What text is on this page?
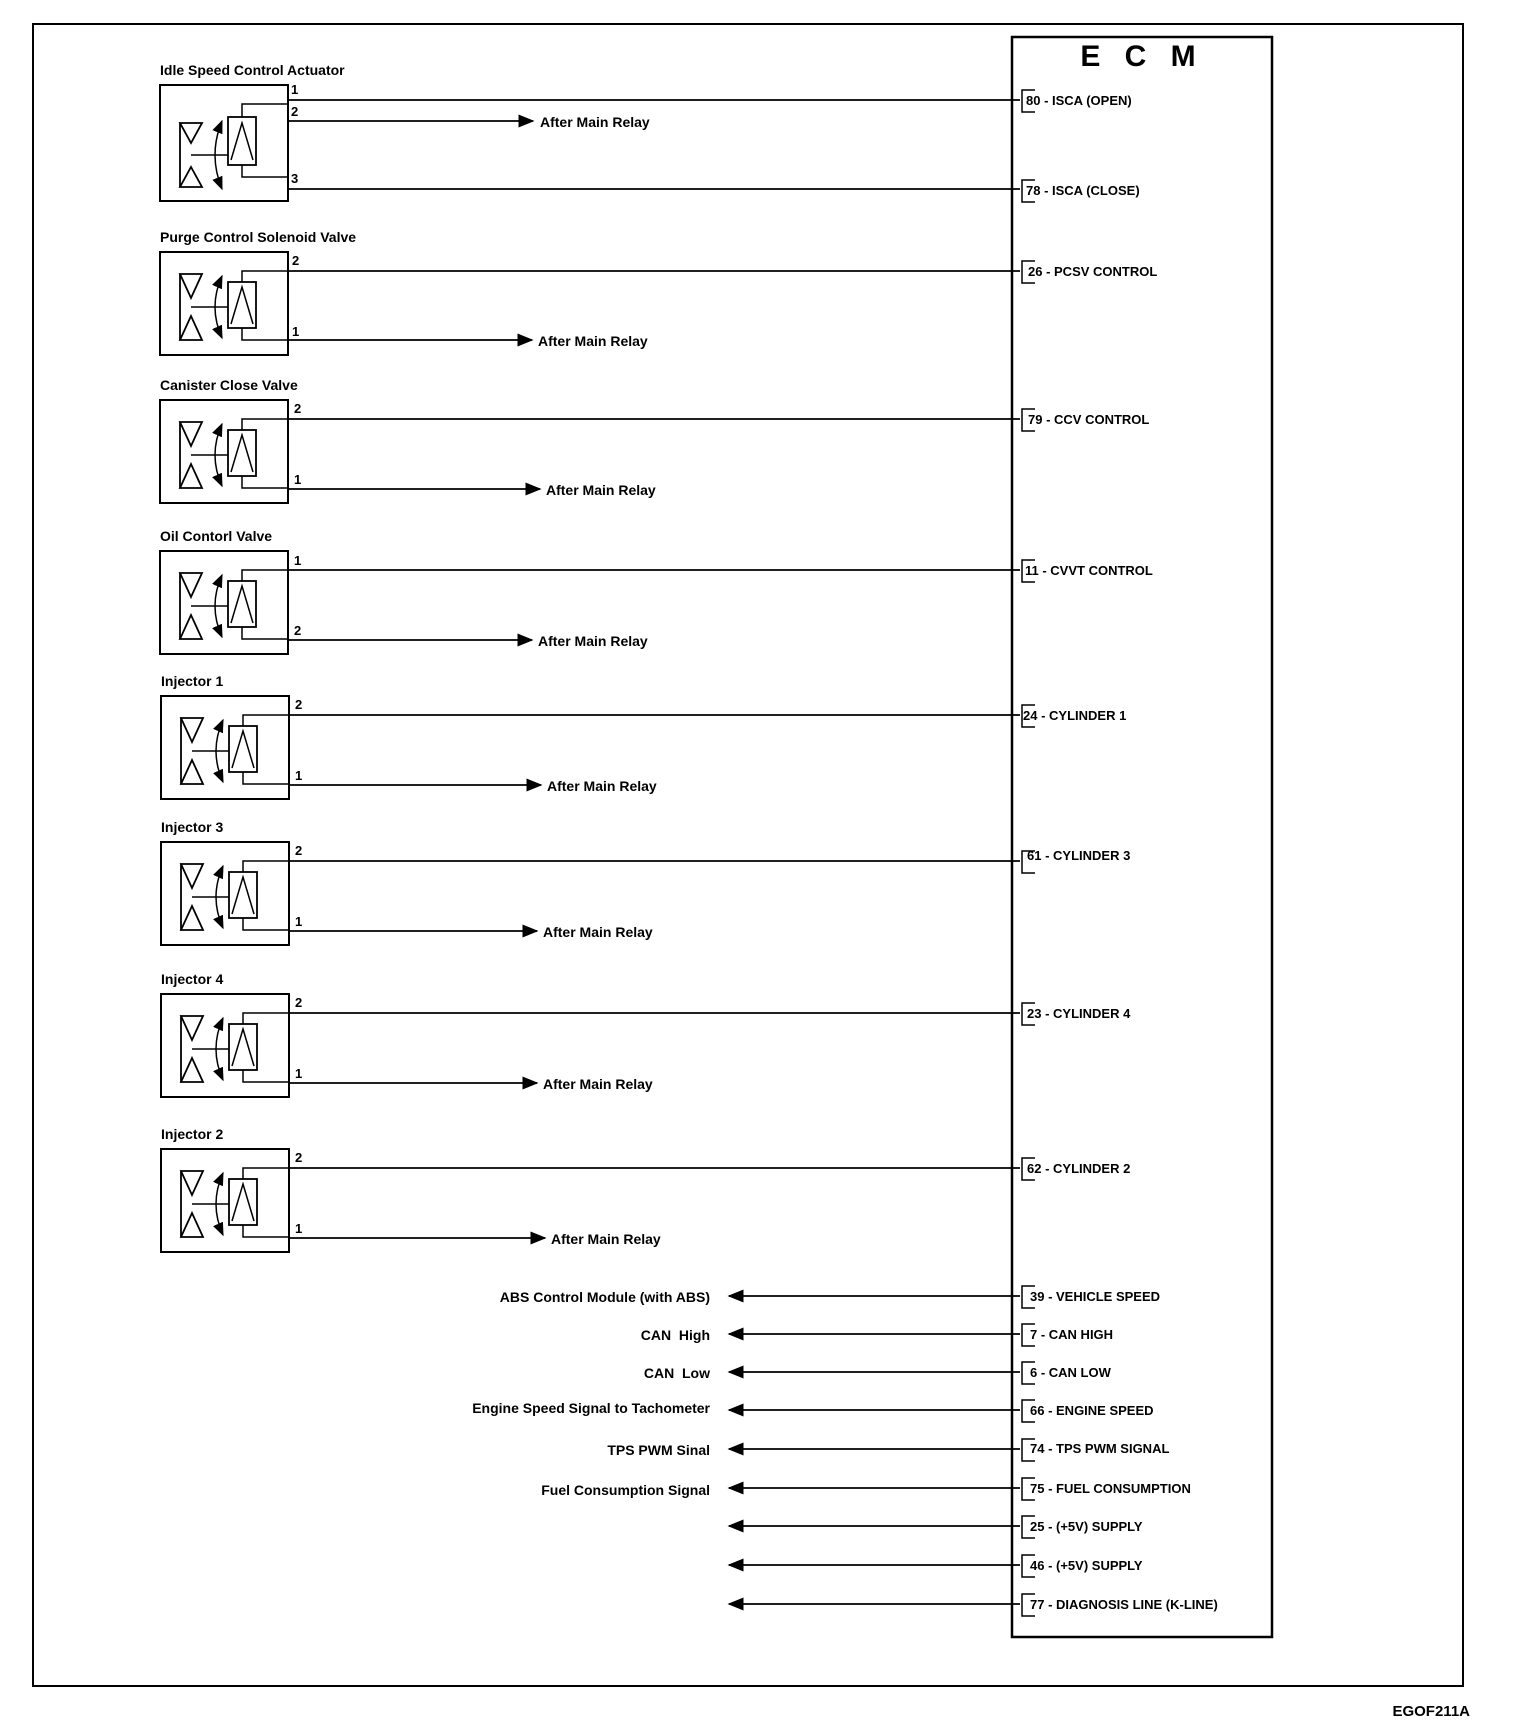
E C M
Idle Speed Control Actuator
1
2
3
After Main Relay
80 - ISCA (OPEN)
78 - ISCA (CLOSE)
Purge Control Solenoid Valve
2
1
After Main Relay
26 - PCSV CONTROL
Canister Close Valve
2
1
After Main Relay
79 - CCV CONTROL
Oil Contorl Valve
1
2
After Main Relay
11 - CVVT CONTROL
Injector 1
2
1
After Main Relay
24 - CYLINDER 1
Injector 3
2
1
After Main Relay
61 - CYLINDER 3
Injector 4
2
1
After Main Relay
23 - CYLINDER 4
Injector 2
2
1
After Main Relay
62 - CYLINDER 2
39 - VEHICLE SPEED
ABS Control Module (with ABS)
7 - CAN HIGH
CAN  High
6 - CAN LOW
CAN  Low
66 - ENGINE SPEED
Engine Speed Signal to Tachometer
74 - TPS PWM SIGNAL
TPS PWM Sinal
75 - FUEL CONSUMPTION
Fuel Consumption Signal
25 - (+5V) SUPPLY
46 - (+5V) SUPPLY
77 - DIAGNOSIS LINE (K-LINE)
EGOF211A
